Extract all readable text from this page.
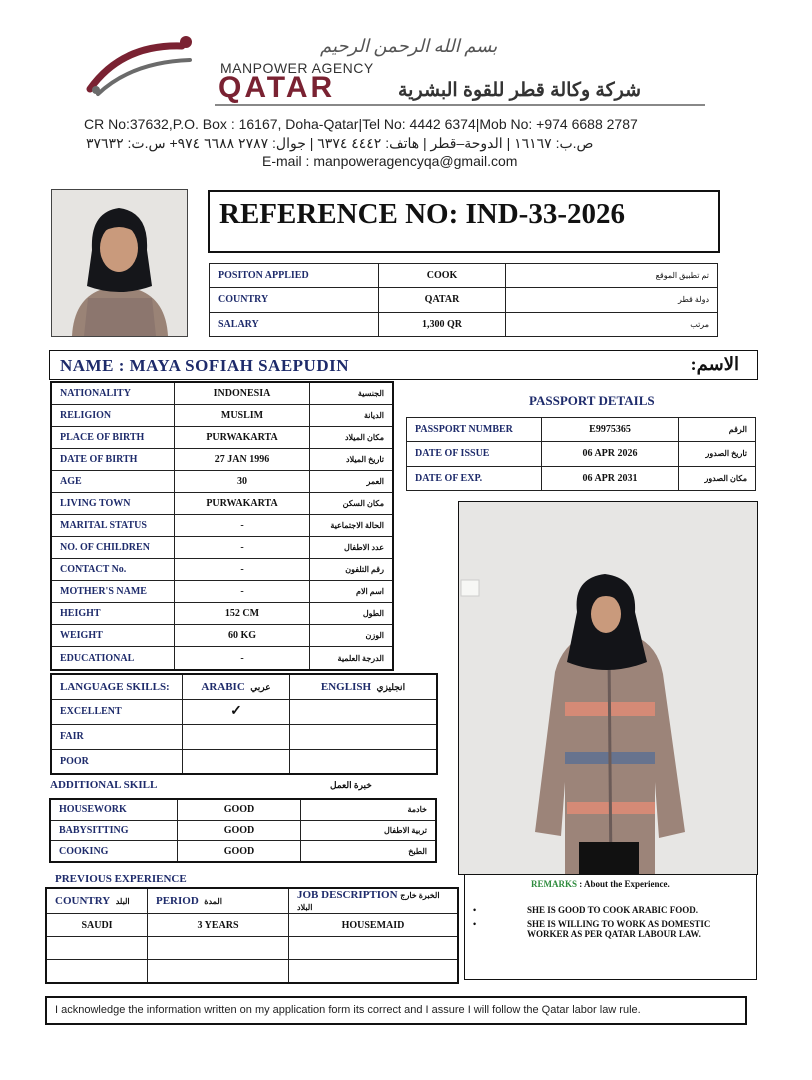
بسم الله الرحمن الرحيم
MANPOWER AGENCY
QATAR	شركة وكالة قطر للقوة البشرية
CR No:37632,P.O. Box : 16167, Doha-Qatar|Tel No: 4442 6374|Mob No: +974 6688 2787
ص.ب: ١٦١٦٧ | الدوحة–قطر | هاتف: ٤٤٤٢ ٦٣٧٤ | جوال: ٢٧٨٧ ٦٦٨٨ ٩٧٤+ س.ت: ٣٧٦٣٢
E-mail : manpoweragencyqa@gmail.com
REFERENCE NO: IND-33-2026
POSITON APPLIED	COOK	تم تطبيق الموقع
COUNTRY	QATAR	دولة قطر
SALARY	1,300 QR	مرتب
NAME : MAYA SOFIAH SAEPUDIN	الاسم:
NATIONALITY	INDONESIA	الجنسية
RELIGION	MUSLIM	الديانة
PLACE OF BIRTH	PURWAKARTA	مكان الميلاد
DATE OF BIRTH	27 JAN 1996	تاريخ الميلاد
AGE	30	العمر
LIVING TOWN	PURWAKARTA	مكان السكن
MARITAL STATUS	-	الحالة الاجتماعية
NO. OF CHILDREN	-	عدد الاطفال
CONTACT No.	-	رقم التلفون
MOTHER'S NAME	-	اسم الام
HEIGHT	152 CM	الطول
WEIGHT	60 KG	الوزن
EDUCATIONAL	-	الدرجة العلمية
PASSPORT DETAILS
PASSPORT NUMBER	E9975365	الرقم
DATE OF ISSUE	06 APR 2026	تاريخ الصدور
DATE OF EXP.	06 APR 2031	مكان الصدور
LANGUAGE SKILLS:	ARABIC عربي	ENGLISH انجليزي
EXCELLENT	✓	
FAIR		
POOR		
ADDITIONAL SKILL	خبرة العمل
HOUSEWORK	GOOD	خادمة
BABYSITTING	GOOD	تربية الاطفال
COOKING	GOOD	الطبخ
PREVIOUS EXPERIENCE
COUNTRY البلد	PERIOD المدة	JOB DESCRIPTION الخبرة خارج البلاد
SAUDI	3 YEARS	HOUSEMAID

REMARKS : About the Experience.
•	SHE IS GOOD TO COOK ARABIC FOOD.
•	SHE IS WILLING TO WORK AS DOMESTIC WORKER AS PER QATAR LABOUR LAW.
I acknowledge the information written on my application form its correct and I assure I will follow the Qatar labor law rule.
